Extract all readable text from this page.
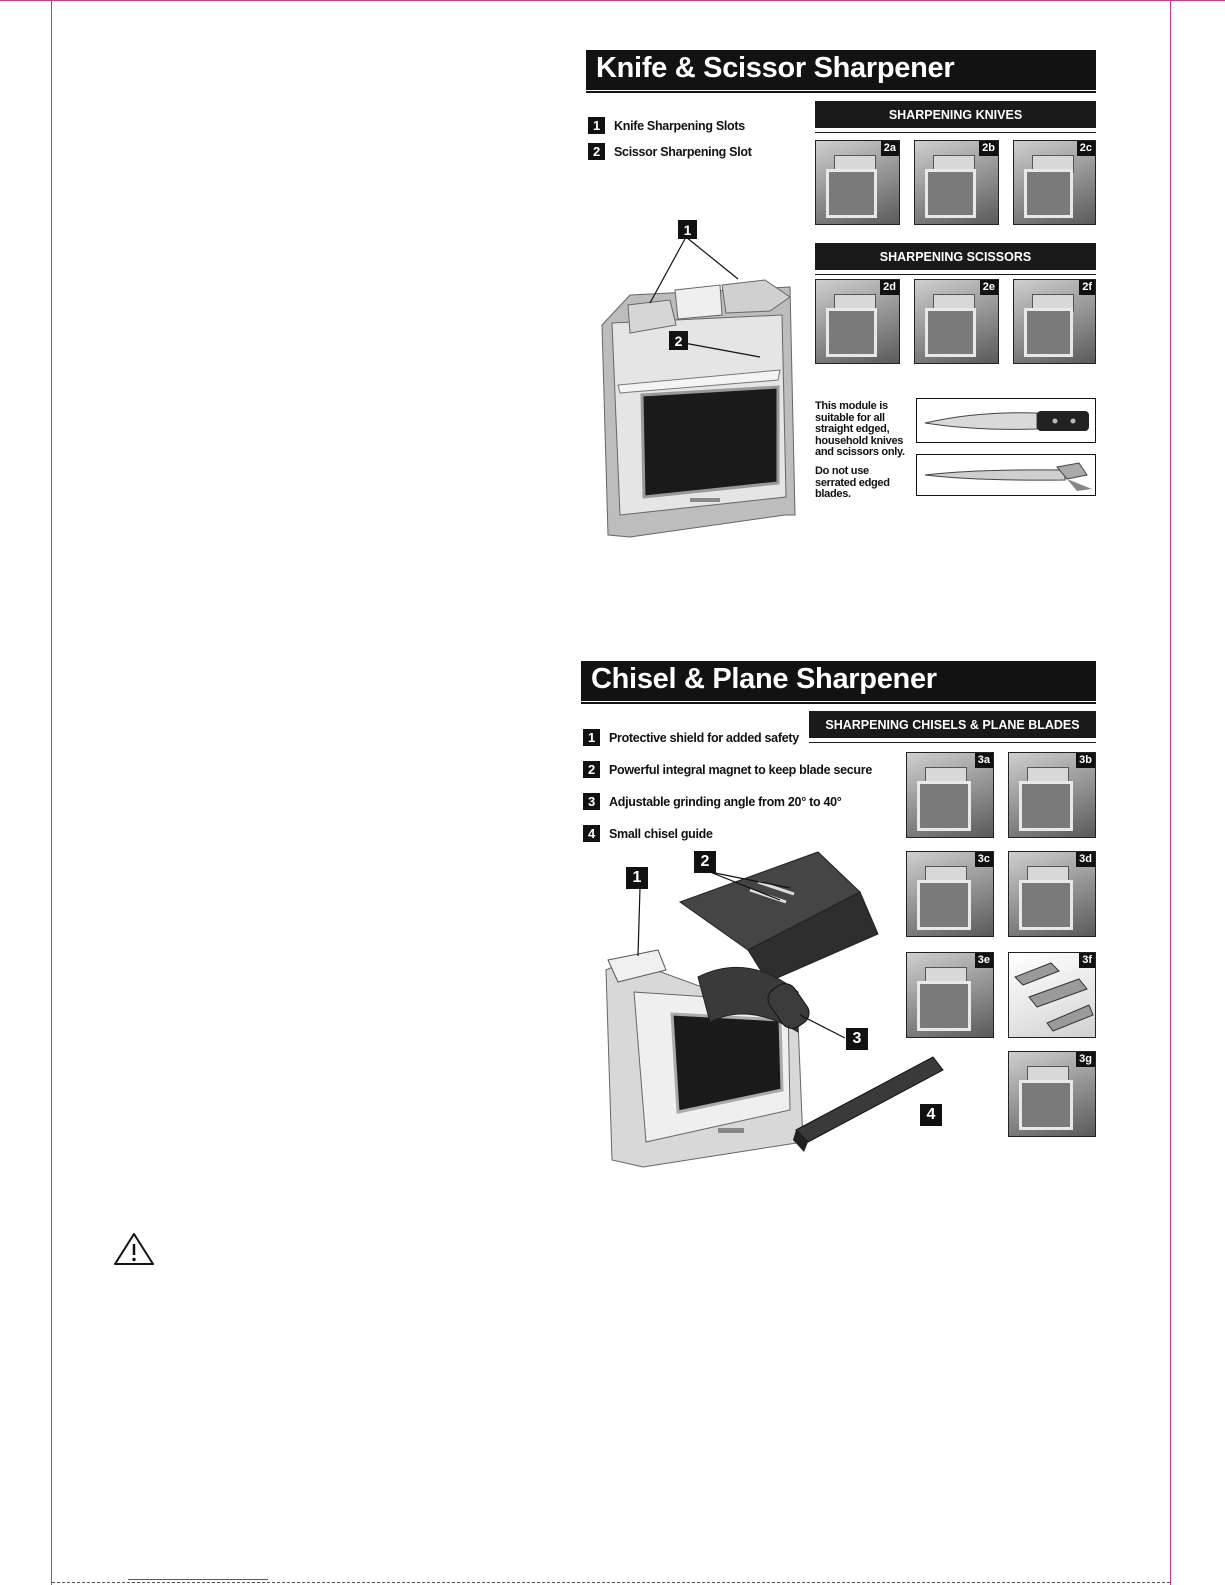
Knife & Scissor Sharpener
1	Knife Sharpening Slots
2	Scissor Sharpening Slot
SHARPENING KNIVES
2a	2b	2c
SHARPENING SCISSORS
2d	2e	2f
This module is suitable for all straight edged, household knives and scissors only.
Do not use serrated edged blades.
1
2
Chisel & Plane Sharpener
SHARPENING CHISELS & PLANE BLADES
1	Protective shield for added safety
2	Powerful integral magnet to keep blade secure
3	Adjustable grinding angle from 20° to 40°
4	Small chisel guide
3a	3b
3c	3d
3e	3f
3g
1
2
3
4
